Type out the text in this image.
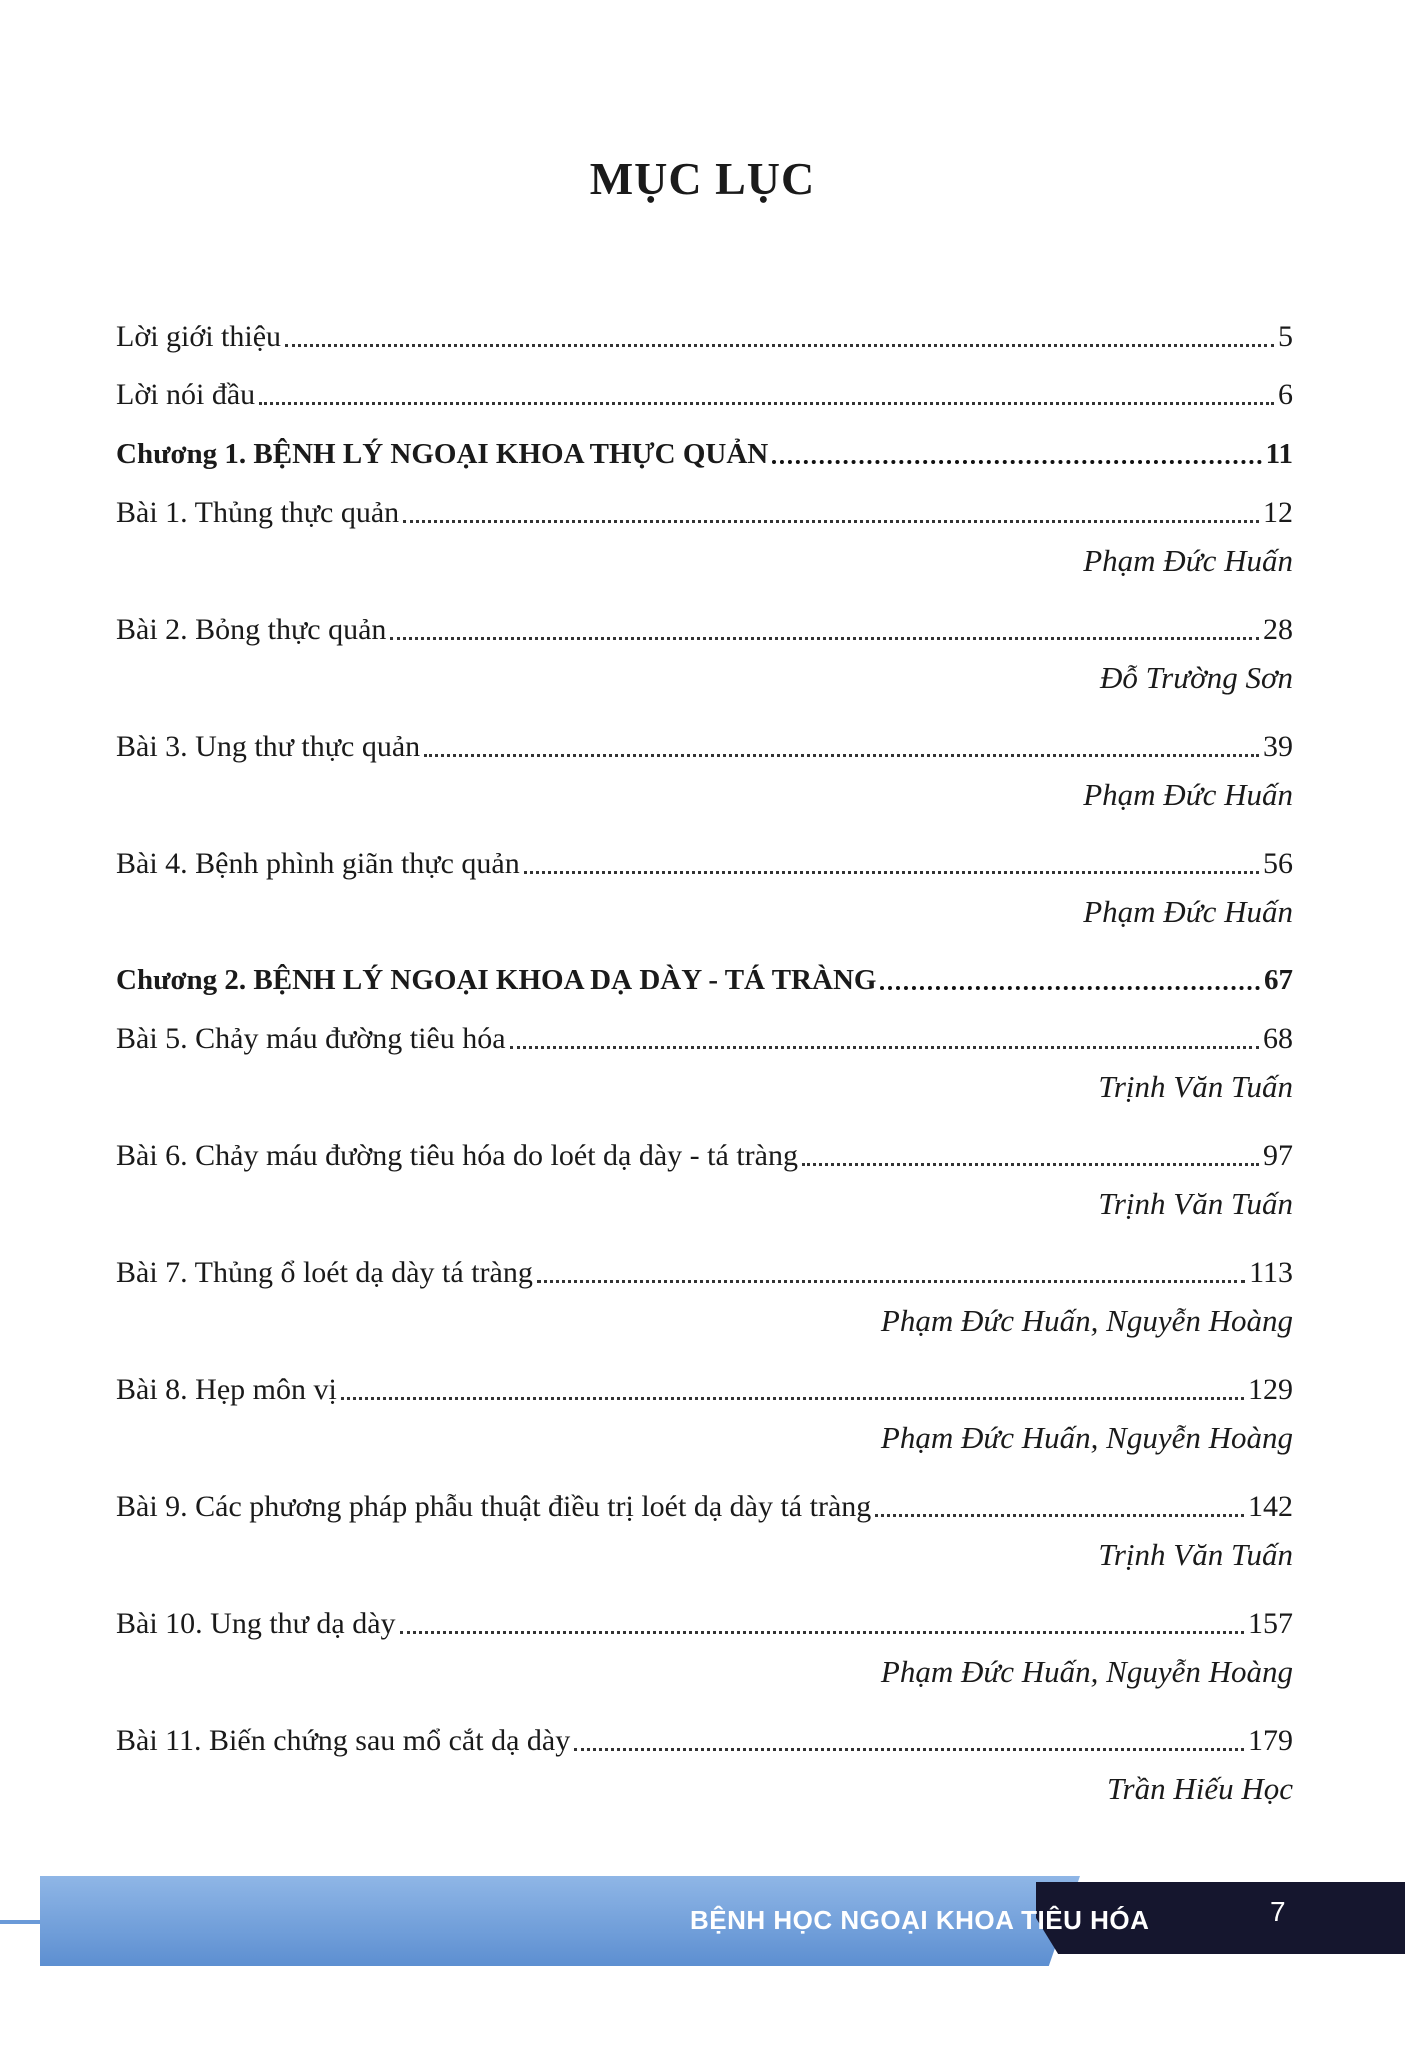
MỤC LỤC
Lời giới thiệu	5
Lời nói đầu	6
Chương 1. BỆNH LÝ NGOẠI KHOA THỰC QUẢN	11
Bài 1. Thủng thực quản	12
Phạm Đức Huấn
Bài 2. Bỏng thực quản	28
Đỗ Trường Sơn
Bài 3. Ung thư thực quản	39
Phạm Đức Huấn
Bài 4. Bệnh phình giãn thực quản	56
Phạm Đức Huấn
Chương 2. BỆNH LÝ NGOẠI KHOA DẠ DÀY - TÁ TRÀNG	67
Bài 5. Chảy máu đường tiêu hóa	68
Trịnh Văn Tuấn
Bài 6. Chảy máu đường tiêu hóa do loét dạ dày - tá tràng	97
Trịnh Văn Tuấn
Bài 7. Thủng ổ loét dạ dày tá tràng	113
Phạm Đức Huấn, Nguyễn Hoàng
Bài 8. Hẹp môn vị	129
Phạm Đức Huấn, Nguyễn Hoàng
Bài 9. Các phương pháp phẫu thuật điều trị loét dạ dày tá tràng	142
Trịnh Văn Tuấn
Bài 10. Ung thư dạ dày	157
Phạm Đức Huấn, Nguyễn Hoàng
Bài 11. Biến chứng sau mổ cắt dạ dày	179
Trần Hiếu Học
BỆNH HỌC NGOẠI KHOA TIÊU HÓA	7
